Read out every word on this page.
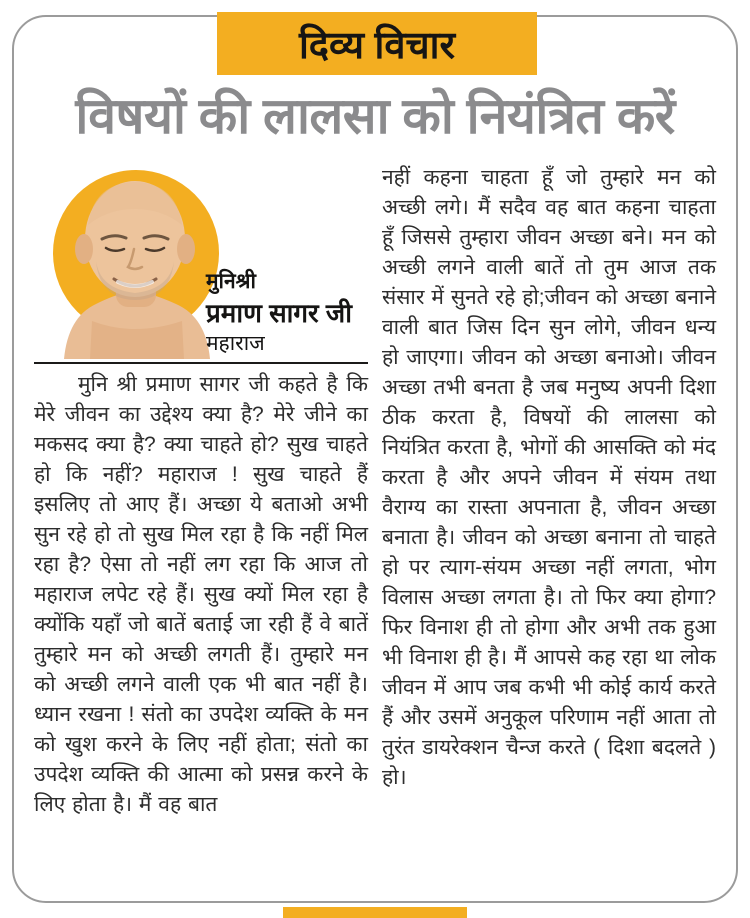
दिव्य विचार
विषयों की लालसा को नियंत्रित करें
मुनिश्री
प्रमाण सागर जी
महाराज

मुनि श्री प्रमाण सागर जी कहते है कि मेरे जीवन का उद्देश्य क्या है? मेरे जीने का मकसद क्या है? क्या चाहते हो? सुख चाहते हो कि नहीं? महाराज ! सुख चाहते हैं इसलिए तो आए हैं। अच्छा ये बताओ अभी सुन रहे हो तो सुख मिल रहा है कि नहीं मिल रहा है? ऐसा तो नहीं लग रहा कि आज तो महाराज लपेट रहे हैं। सुख क्यों मिल रहा है क्योंकि यहाँ जो बातें बताई जा रही हैं वे बातें तुम्हारे मन को अच्छी लगती हैं। तुम्हारे मन को अच्छी लगने वाली एक भी बात नहीं है। ध्यान रखना ! संतो का उपदेश व्यक्ति के मन को खुश करने के लिए नहीं होता; संतो का उपदेश व्यक्ति की आत्मा को प्रसन्न करने के लिए होता है। मैं वह बात

नहीं कहना चाहता हूँ जो तुम्हारे मन को अच्छी लगे। मैं सदैव वह बात कहना चाहता हूँ जिससे तुम्हारा जीवन अच्छा बने। मन को अच्छी लगने वाली बातें तो तुम आज तक संसार में सुनते रहे हो;जीवन को अच्छा बनाने वाली बात जिस दिन सुन लोगे, जीवन धन्य हो जाएगा। जीवन को अच्छा बनाओ। जीवन अच्छा तभी बनता है जब मनुष्य अपनी दिशा ठीक करता है, विषयों की लालसा को नियंत्रित करता है, भोगों की आसक्ति को मंद करता है और अपने जीवन में संयम तथा वैराग्य का रास्ता अपनाता है, जीवन अच्छा बनाता है। जीवन को अच्छा बनाना तो चाहते हो पर त्याग-संयम अच्छा नहीं लगता, भोग विलास अच्छा लगता है। तो फिर क्या होगा? फिर विनाश ही तो होगा और अभी तक हुआ भी विनाश ही है। मैं आपसे कह रहा था लोक जीवन में आप जब कभी भी कोई कार्य करते हैं और उसमें अनुकूल परिणाम नहीं आता तो तुरंत डायरेक्शन चैन्ज करते ( दिशा बदलते ) हो।
